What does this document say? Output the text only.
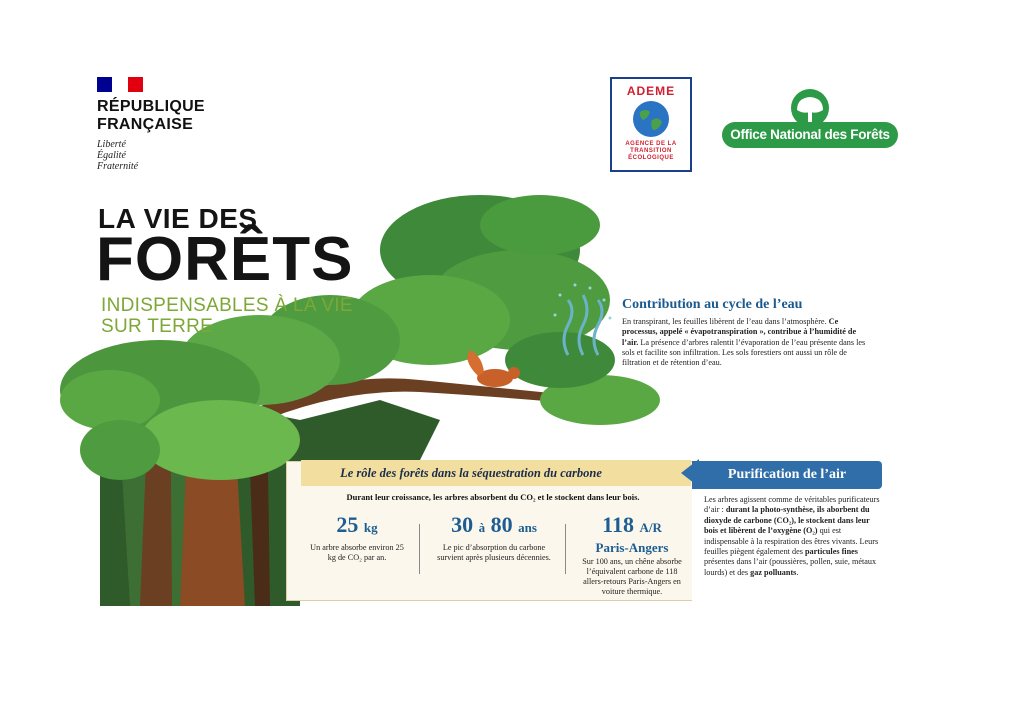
RÉPUBLIQUE
FRANÇAISE
Liberté
Égalité
Fraternité
ADEME
AGENCE DE LA
TRANSITION
ÉCOLOGIQUE
Office National des Forêts
LA VIE DES
FORÊTS
INDISPENSABLES À LA VIE
SUR TERRE
Contribution au cycle de l’eau
En transpirant, les feuilles libèrent de l’eau dans l’atmosphère. Ce processus, appelé « évapotranspiration », contribue à l’humidité de l’air. La présence d’arbres ralentit l’évaporation de l’eau présente dans les sols et facilite son infiltration. Les sols forestiers ont aussi un rôle de filtration et de rétention d’eau.
Le rôle des forêts dans la séquestration du carbone
Durant leur croissance, les arbres absorbent du CO₂ et le stockent dans leur bois.
25 kg
Un arbre absorbe environ 25 kg de CO₂ par an.
30 à 80 ans
Le pic d’absorption du carbone survient après plusieurs décennies.
118 A/R
Paris-Angers
Sur 100 ans, un chêne absorbe l’équivalent carbone de 118 allers-retours Paris-Angers en voiture thermique.
Purification de l’air
Les arbres agissent comme de véritables purificateurs d’air : durant la photo-synthèse, ils aborbent du dioxyde de carbone (CO₂), le stockent dans leur bois et libèrent de l’oxygène (O₂) qui est indispensable à la respiration des êtres vivants. Leurs feuilles piègent également des particules fines présentes dans l’air (poussières, pollen, suie, métaux lourds) et des gaz polluants.
